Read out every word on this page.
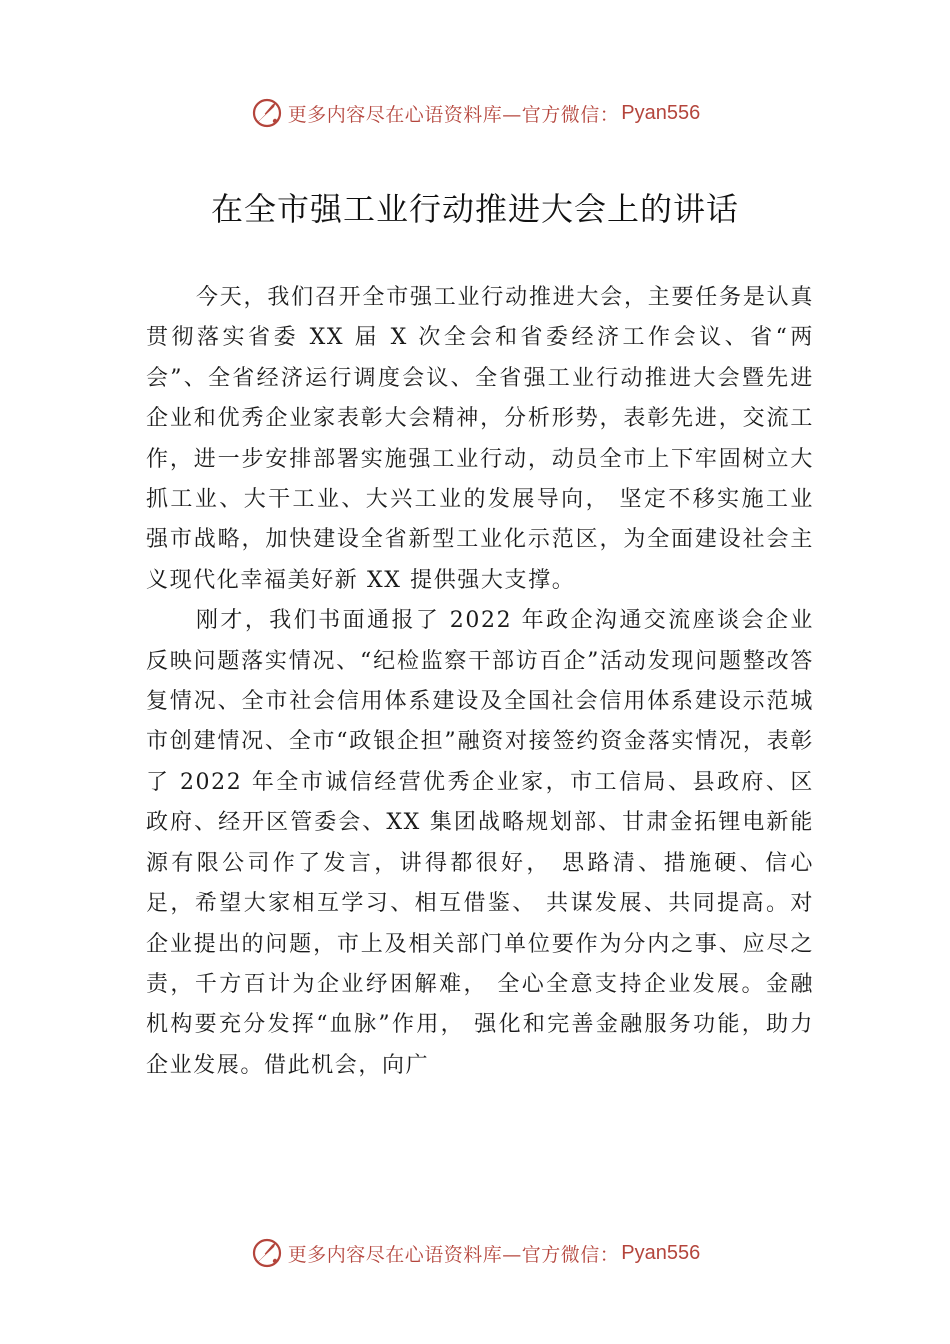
更多内容尽在心语资料库—官方微信： Pyan556
在全市强工业行动推进大会上的讲话

今天，我们召开全市强工业行动推进大会，主要任务是认真贯彻落实省委 XX 届 X 次全会和省委经济工作会议、省“两会”、全省经济运行调度会议、全省强工业行动推进大会暨先进企业和优秀企业家表彰大会精神，分析形势，表彰先进，交流工作，进一步安排部署实施强工业行动，动员全市上下牢固树立大抓工业、大干工业、大兴工业的发展导向， 坚定不移实施工业强市战略，加快建设全省新型工业化示范区，为全面建设社会主义现代化幸福美好新 XX 提供强大支撑。

刚才，我们书面通报了 2022 年政企沟通交流座谈会企业反映问题落实情况、“纪检监察干部访百企”活动发现问题整改答复情况、全市社会信用体系建设及全国社会信用体系建设示范城市创建情况、全市“政银企担”融资对接签约资金落实情况，表彰了 2022 年全市诚信经营优秀企业家，市工信局、县政府、区政府、经开区管委会、XX 集团战略规划部、甘肃金拓锂电新能源有限公司作了发言，讲得都很好， 思路清、措施硬、信心足，希望大家相互学习、相互借鉴、 共谋发展、共同提高。对企业提出的问题，市上及相关部门单位要作为分内之事、应尽之责，千方百计为企业纾困解难， 全心全意支持企业发展。金融机构要充分发挥“血脉”作用， 强化和完善金融服务功能，助力企业发展。借此机会，向广

更多内容尽在心语资料库—官方微信： Pyan556
